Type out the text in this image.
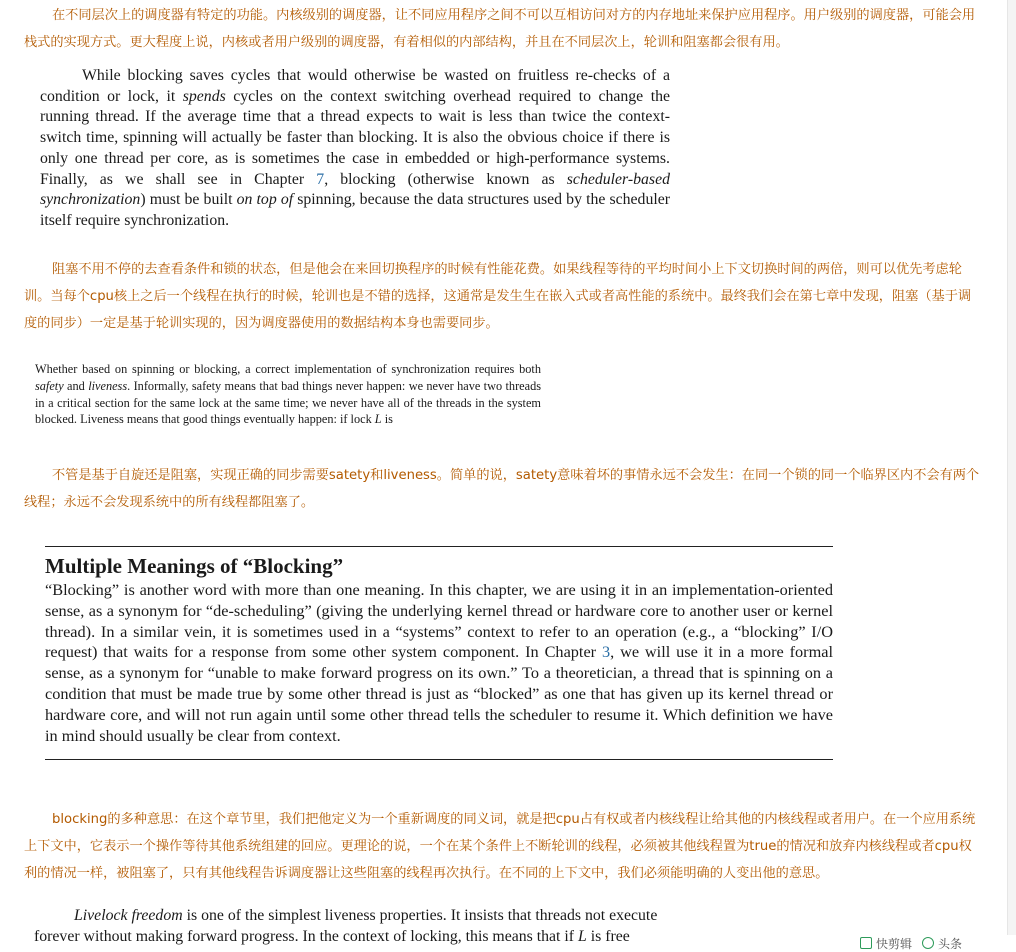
在不同层次上的调度器有特定的功能。内核级别的调度器，让不同应用程序之间不可以互相访问对方的内存地址来保护应用程序。用户级别的调度器，可能会用栈式的实现方式。更大程度上说，内核或者用户级别的调度器，有着相似的内部结构，并且在不同层次上，轮训和阻塞都会很有用。

While blocking saves cycles that would otherwise be wasted on fruitless re-checks of a condition or lock, it spends cycles on the context switching overhead required to change the running thread. If the average time that a thread expects to wait is less than twice the context-switch time, spinning will actually be faster than blocking. It is also the obvious choice if there is only one thread per core, as is sometimes the case in embedded or high-performance systems. Finally, as we shall see in Chapter 7, blocking (otherwise known as scheduler-based synchronization) must be built on top of spinning, because the data structures used by the scheduler itself require synchronization.

阻塞不用不停的去查看条件和锁的状态，但是他会在来回切换程序的时候有性能花费。如果线程等待的平均时间小上下文切换时间的两倍，则可以优先考虑轮训。当每个cpu核上之后一个线程在执行的时候，轮训也是不错的选择，这通常是发生生在嵌入式或者高性能的系统中。最终我们会在第七章中发现，阻塞（基于调度的同步）一定是基于轮训实现的，因为调度器使用的数据结构本身也需要同步。

Whether based on spinning or blocking, a correct implementation of synchronization requires both safety and liveness. Informally, safety means that bad things never happen: we never have two threads in a critical section for the same lock at the same time; we never have all of the threads in the system blocked. Liveness means that good things eventually happen: if lock L is

不管是基于自旋还是阻塞，实现正确的同步需要satety和liveness。简单的说，satety意味着坏的事情永远不会发生：在同一个锁的同一个临界区内不会有两个线程；永远不会发现系统中的所有线程都阻塞了。

Multiple Meanings of “Blocking”

“Blocking” is another word with more than one meaning. In this chapter, we are using it in an implementation-oriented sense, as a synonym for “de-scheduling” (giving the underlying kernel thread or hardware core to another user or kernel thread). In a similar vein, it is sometimes used in a “systems” context to refer to an operation (e.g., a “blocking” I/O request) that waits for a response from some other system component. In Chapter 3, we will use it in a more formal sense, as a synonym for “unable to make forward progress on its own.” To a theoretician, a thread that is spinning on a condition that must be made true by some other thread is just as “blocked” as one that has given up its kernel thread or hardware core, and will not run again until some other thread tells the scheduler to resume it. Which definition we have in mind should usually be clear from context.

blocking的多种意思：在这个章节里，我们把他定义为一个重新调度的同义词，就是把cpu占有权或者内核线程让给其他的内核线程或者用户。在一个应用系统上下文中，它表示一个操作等待其他系统组建的回应。更理论的说，一个在某个条件上不断轮训的线程，必须被其他线程置为true的情况和放弃内核线程或者cpu权利的情况一样，被阻塞了，只有其他线程告诉调度器让这些阻塞的线程再次执行。在不同的上下文中，我们必须能明确的人变出他的意思。

Livelock freedom is one of the simplest liveness properties. It insists that threads not execute forever without making forward progress. In the context of locking, this means that if L is free	快剪辑 头条
